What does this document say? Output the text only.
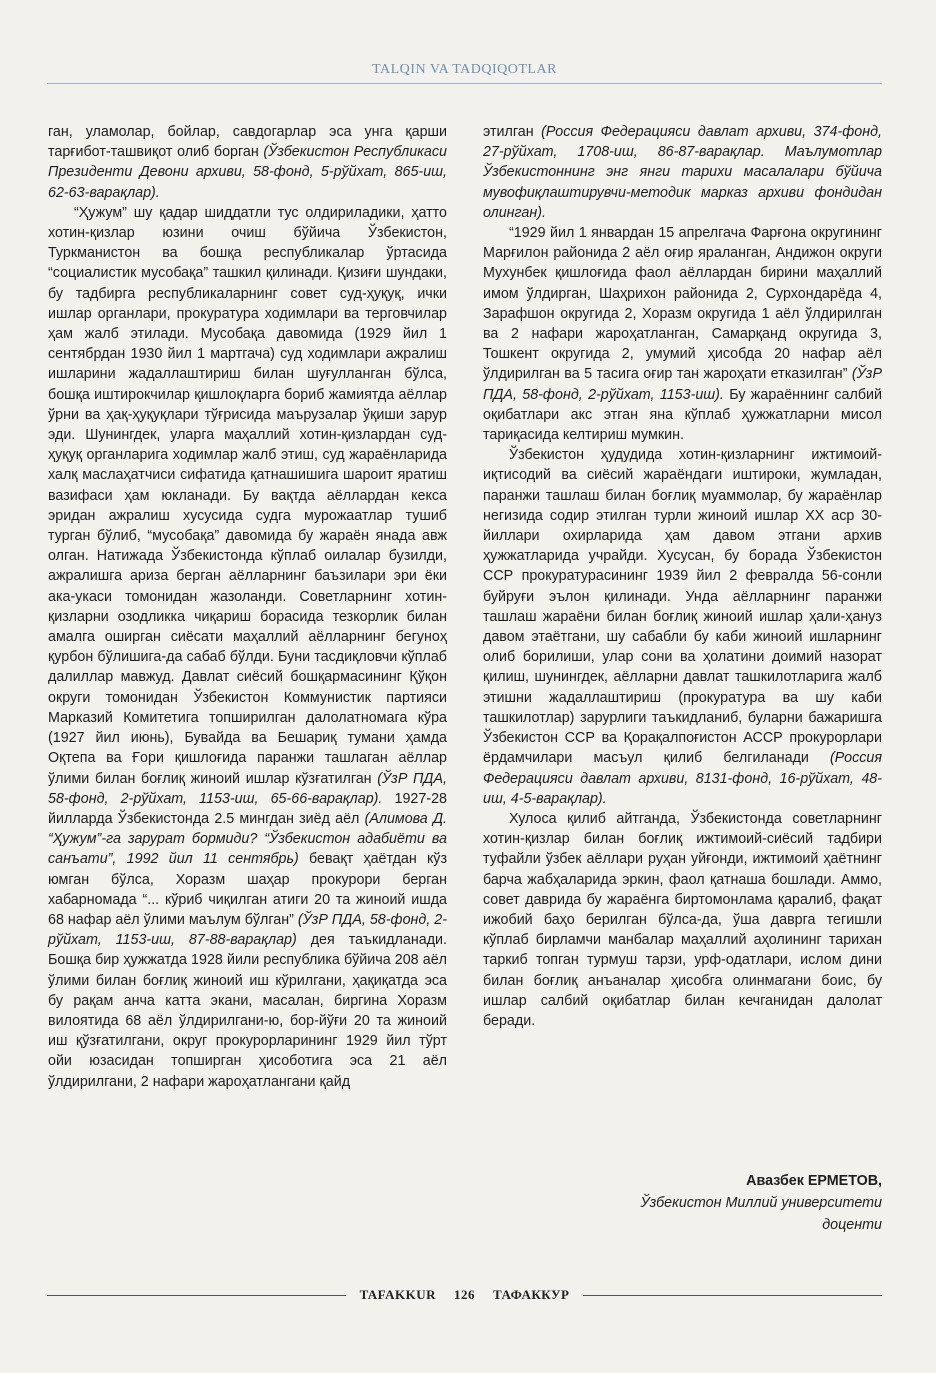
TALQIN VA TADQIQOTLAR

ган, уламолар, бойлар, савдогарлар эса унга қарши тарғибот-ташвиқот олиб борган (Ўзбекистон Республикаси Президенти Девони архиви, 58-фонд, 5-рўйхат, 865-иш, 62-63-варақлар).

“Ҳужум” шу қадар шиддатли тус олдириладики, ҳатто хотин-қизлар юзини очиш бўйича Ўзбекистон, Туркманистон ва бошқа республикалар ўртасида “социалистик мусобақа” ташкил қилинади. Қизиғи шундаки, бу тадбирга республикаларнинг совет суд-ҳуқуқ, ички ишлар органлари, прокуратура ходимлари ва терговчилар ҳам жалб этилади. Мусобақа давомида (1929 йил 1 сентябрдан 1930 йил 1 мартгача) суд ходимлари ажралиш ишларини жадаллаштириш билан шуғулланган бўлса, бошқа иштирокчилар қишлоқларга бориб жамиятда аёллар ўрни ва ҳақ-ҳуқуқлари тўғрисида маърузалар ўқиши зарур эди. Шунингдек, уларга маҳаллий хотин-қизлардан суд-ҳуқуқ органларига ходимлар жалб этиш, суд жараёнларида халқ маслаҳатчиси сифатида қатнашишига шароит яратиш вазифаси ҳам юкланади. Бу вақтда аёллардан кекса эридан ажралиш хусусида судга мурожаатлар тушиб турган бўлиб, “мусобақа” давомида бу жараён янада авж олган. Натижада Ўзбекистонда кўплаб оилалар бузилди, ажралишга ариза берган аёлларнинг баъзилари эри ёки ака-укаси томонидан жазоланди. Советларнинг хотин-қизларни озодликка чиқариш борасида тезкорлик билан амалга оширган сиёсати маҳаллий аёлларнинг бегуноҳ қурбон бўлишига-да сабаб бўлди. Буни тасдиқловчи кўплаб далиллар мавжуд. Давлат сиёсий бошқармасининг Қўқон округи томонидан Ўзбекистон Коммунистик партияси Марказий Комитетига топширилган далолатномага кўра (1927 йил июнь), Бувайда ва Бешариқ тумани ҳамда Оқтепа ва Ғори қишлоғида паранжи ташлаган аёллар ўлими билан боғлиқ жиноий ишлар кўзғатилган (ЎзР ПДА, 58-фонд, 2-рўйхат, 1153-иш, 65-66-варақлар). 1927-28 йилларда Ўзбекистонда 2.5 мингдан зиёд аёл (Алимова Д. “Ҳужум”-га зарурат бормиди? “Ўзбекистон адабиёти ва санъати”, 1992 йил 11 сентябрь) бевақт ҳаётдан кўз юмган бўлса, Хоразм шаҳар прокурори берган хабарномада “... кўриб чиқилган атиги 20 та жиноий ишда 68 нафар аёл ўлими маълум бўлган” (ЎзР ПДА, 58-фонд, 2-рўйхат, 1153-иш, 87-88-варақлар) дея таъкидланади. Бошқа бир ҳужжатда 1928 йили республика бўйича 208 аёл ўлими билан боғлиқ жиноий иш кўрилгани, ҳақиқатда эса бу рақам анча катта экани, масалан, биргина Хоразм вилоятида 68 аёл ўлдирилгани-ю, бор-йўғи 20 та жиноий иш қўзғатилгани, округ прокурорларининг 1929 йил тўрт ойи юзасидан топширган ҳисоботига эса 21 аёл ўлдирилгани, 2 нафари жароҳатлангани қайд

этилган (Россия Федерацияси давлат архиви, 374-фонд, 27-рўйхат, 1708-иш, 86-87-варақлар. Маълумотлар Ўзбекистоннинг энг янги тарихи масалалари бўйича мувофиқлаштирувчи-методик марказ архиви фондидан олинган).

“1929 йил 1 январдан 15 апрелгача Фарғона округининг Марғилон районида 2 аёл оғир яраланган, Андижон округи Мухунбек қишлоғида фаол аёллардан бирини маҳаллий имом ўлдирган, Шаҳрихон районида 2, Сурхондарёда 4, Зарафшон округида 2, Хоразм округида 1 аёл ўлдирилган ва 2 нафари жароҳатланган, Самарқанд округида 3, Тошкент округида 2, умумий ҳисобда 20 нафар аёл ўлдирилган ва 5 тасига оғир тан жароҳати етказилган” (ЎзР ПДА, 58-фонд, 2-рўйхат, 1153-иш). Бу жараённинг салбий оқибатлари акс этган яна кўплаб ҳужжатларни мисол тариқасида келтириш мумкин.

Ўзбекистон ҳудудида хотин-қизларнинг ижтимоий-иқтисодий ва сиёсий жараёндаги иштироки, жумладан, паранжи ташлаш билан боғлиқ муаммолар, бу жараёнлар негизида содир этилган турли жиноий ишлар XX аср 30-йиллари охирларида ҳам давом этгани архив ҳужжатларида учрайди. Хусусан, бу борада Ўзбекистон ССР прокуратурасининг 1939 йил 2 февралда 56-сонли буйруғи эълон қилинади. Унда аёлларнинг паранжи ташлаш жараёни билан боғлиқ жиноий ишлар ҳали-ҳануз давом этаётгани, шу сабабли бу каби жиноий ишларнинг олиб борилиши, улар сони ва ҳолатини доимий назорат қилиш, шунингдек, аёлларни давлат ташкилотларига жалб этишни жадаллаштириш (прокуратура ва шу каби ташкилотлар) зарурлиги таъкидланиб, буларни бажаришга Ўзбекистон ССР ва Қорақалпоғистон АССР прокурорлари ёрдамчилари масъул қилиб белгиланади (Россия Федерацияси давлат архиви, 8131-фонд, 16-рўйхат, 48-иш, 4-5-варақлар).

Хулоса қилиб айтганда, Ўзбекистонда советларнинг хотин-қизлар билан боғлиқ ижтимоий-сиёсий тадбири туфайли ўзбек аёллари руҳан уйғонди, ижтимоий ҳаётнинг барча жабҳаларида эркин, фаол қатнаша бошлади. Аммо, совет даврида бу жараёнга биртомонлама қаралиб, фақат ижобий баҳо берилган бўлса-да, ўша даврга тегишли кўплаб бирламчи манбалар маҳаллий аҳолининг тарихан таркиб топган турмуш тарзи, урф-одатлари, ислом дини билан боғлиқ анъаналар ҳисобга олинмагани боис, бу ишлар салбий оқибатлар билан кечганидан далолат беради.

Авазбек ЕРМЕТОВ,
Ўзбекистон Миллий университети
доценти
TAFAKKUR 126 ТАФАККУР
